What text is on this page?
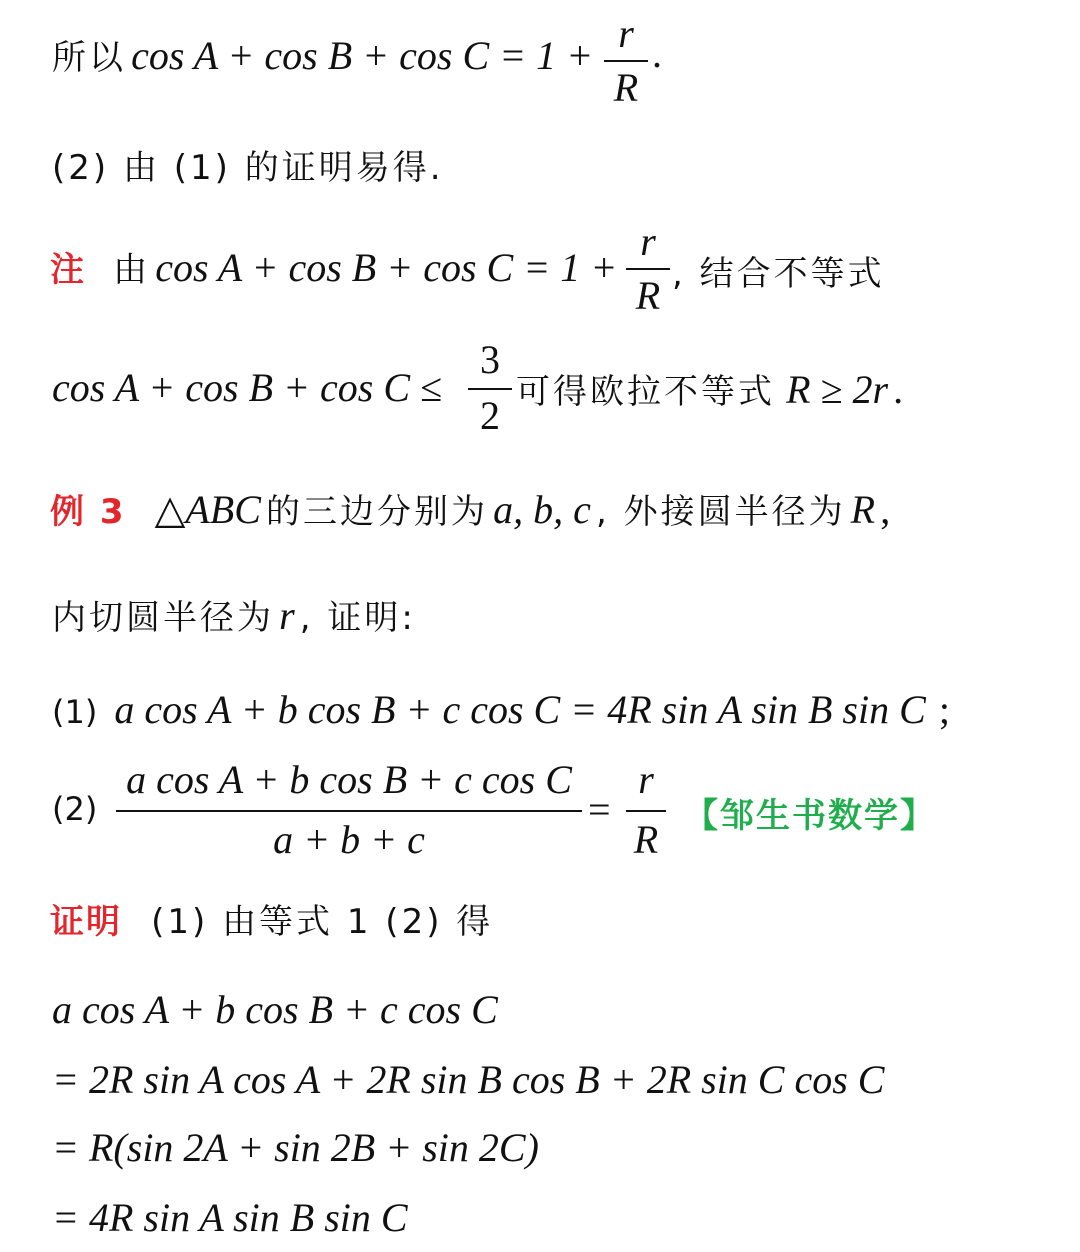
所以 cos A + cos B + cos C = 1 + r
R
.
(2) 由 (1) 的证明易得.
注 由 cos A + cos B + cos C = 1 +
r
R , 结合不等式
cos A + cos B + cos C ≤
3
2
可得欧拉不等式 R ≥ 2r .
例 3 △ABC 的三边分别为 a, b, c , 外接圆半径为 R ,
内切圆半径为 r , 证明:
(1) a cos A + b cos B + c cos C = 4R sin A sin B sin C ;
(2)
a cos A + b cos B + c cos C
a + b + c
=
r
R
【邹生书数学】
证明 (1) 由等式 1 (2) 得
a cos A + b cos B + c cos C
= 2R sin A cos A + 2R sin B cos B + 2R sin C cos C
= R(sin 2A + sin 2B + sin 2C)
= 4R sin A sin B sin C
